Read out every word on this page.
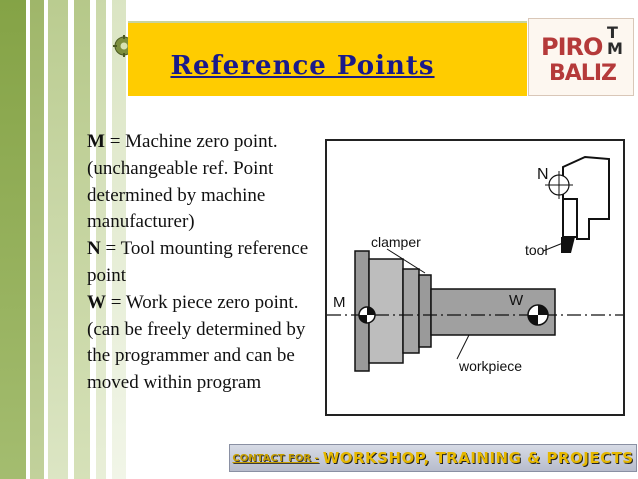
Reference Points
T
M
PIRO
BALIZ
M = Machine zero point. (unchangeable ref. Point determined by machine manufacturer)
N = Tool mounting reference point
W = Work piece zero point. (can be freely determined by the programmer and can be moved within program
N
clamper	tool
M	W
workpiece
CONTACT FOR - WORKSHOP, TRAINING & PROJECTS
